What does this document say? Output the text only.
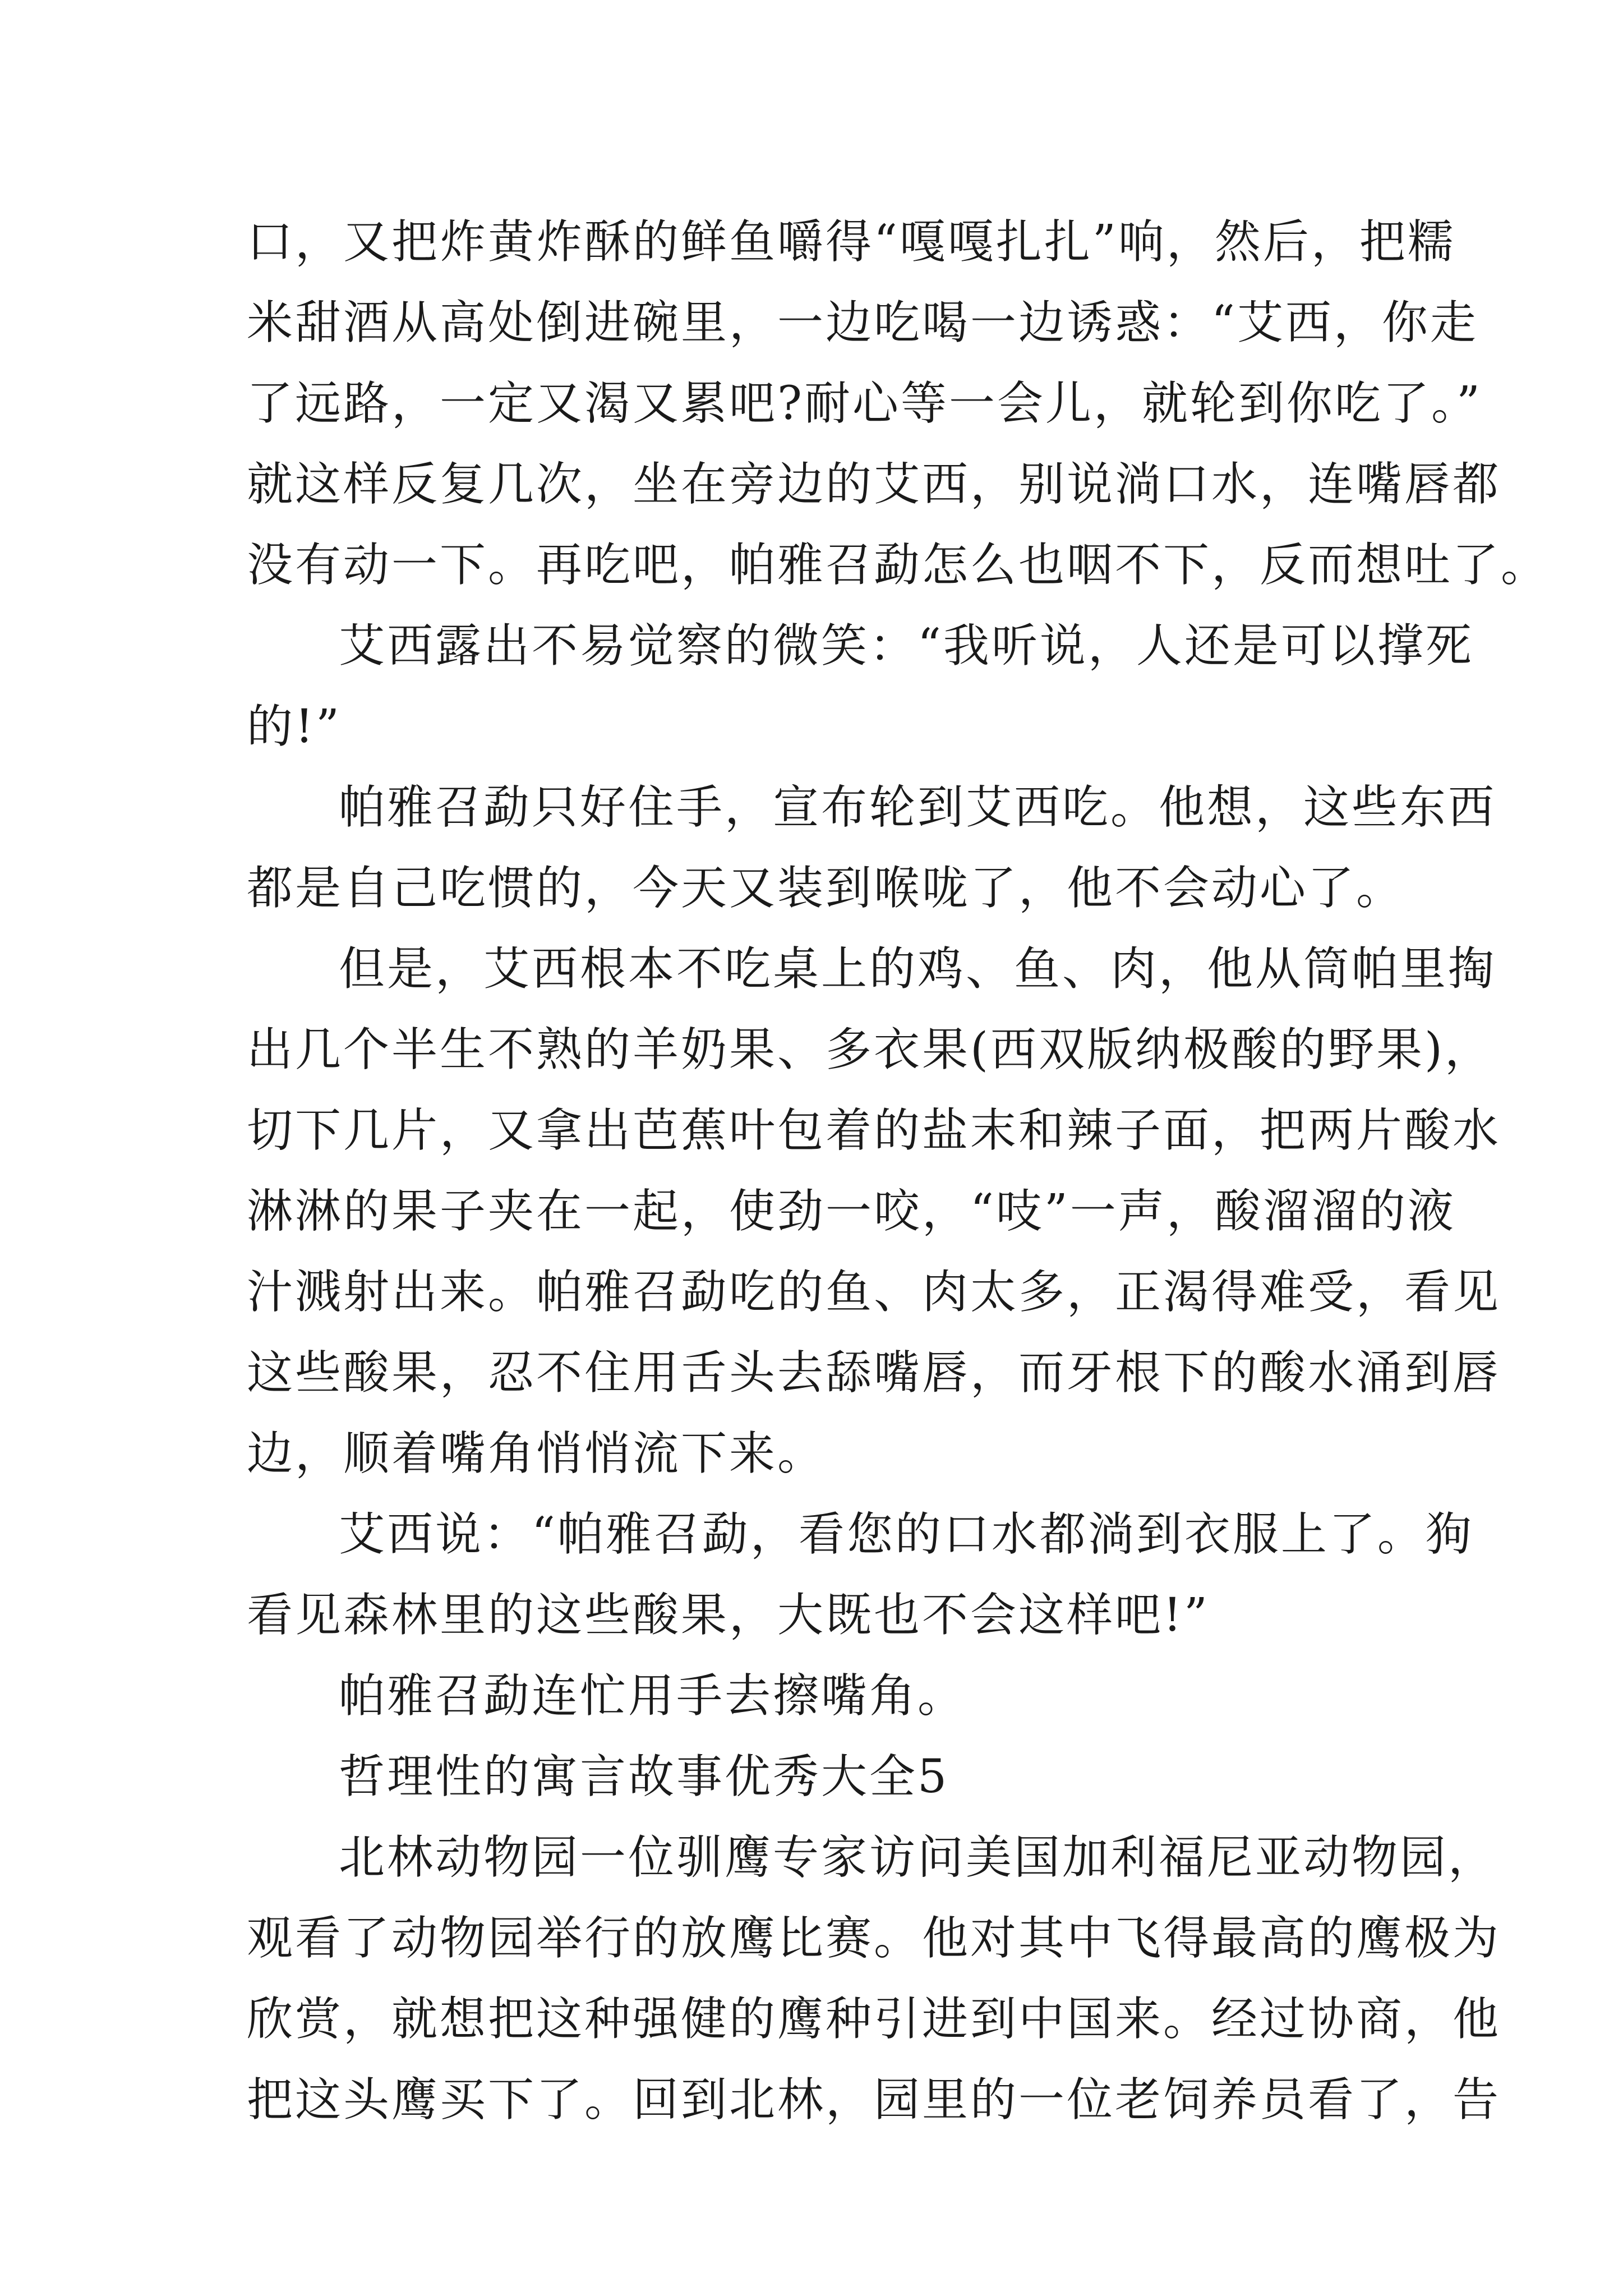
口，又把炸黄炸酥的鲜鱼嚼得“嘎嘎扎扎”响，然后，把糯
米甜酒从高处倒进碗里，一边吃喝一边诱惑：“艾西，你走
了远路，一定又渴又累吧?耐心等一会儿，就轮到你吃了。”
就这样反复几次，坐在旁边的艾西，别说淌口水，连嘴唇都
没有动一下。再吃吧，帕雅召勐怎么也咽不下，反而想吐了。
艾西露出不易觉察的微笑：“我听说，人还是可以撑死
的!”
帕雅召勐只好住手，宣布轮到艾西吃。他想，这些东西
都是自己吃惯的，今天又装到喉咙了，他不会动心了。
但是，艾西根本不吃桌上的鸡、鱼、肉，他从筒帕里掏
出几个半生不熟的羊奶果、多衣果(西双版纳极酸的野果)，
切下几片，又拿出芭蕉叶包着的盐末和辣子面，把两片酸水
淋淋的果子夹在一起，使劲一咬，“吱”一声，酸溜溜的液
汁溅射出来。帕雅召勐吃的鱼、肉太多，正渴得难受，看见
这些酸果，忍不住用舌头去舔嘴唇，而牙根下的酸水涌到唇
边，顺着嘴角悄悄流下来。
艾西说：“帕雅召勐，看您的口水都淌到衣服上了。狗
看见森林里的这些酸果，大既也不会这样吧!”
帕雅召勐连忙用手去擦嘴角。
哲理性的寓言故事优秀大全5
北林动物园一位驯鹰专家访问美国加利福尼亚动物园，
观看了动物园举行的放鹰比赛。他对其中飞得最高的鹰极为
欣赏，就想把这种强健的鹰种引进到中国来。经过协商，他
把这头鹰买下了。回到北林，园里的一位老饲养员看了，告
